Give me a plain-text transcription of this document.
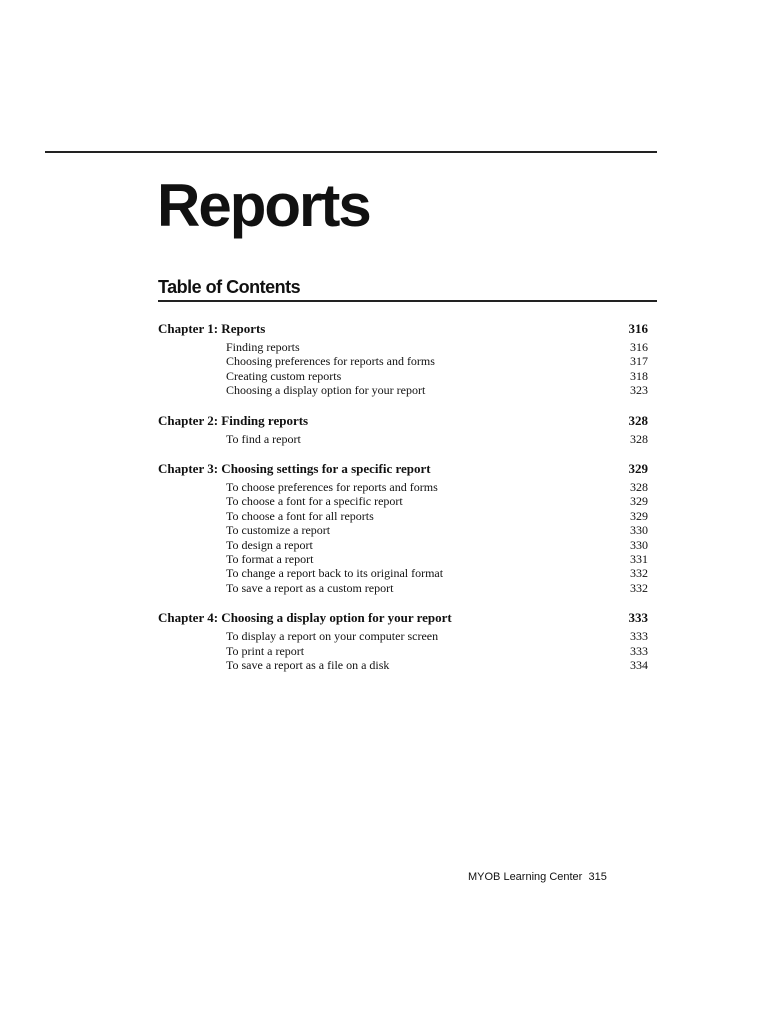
Reports
Table of Contents
Chapter 1: Reports	316
Finding reports	316
Choosing preferences for reports and forms	317
Creating custom reports	318
Choosing a display option for your report	323
Chapter 2: Finding reports	328
To find a report	328
Chapter 3: Choosing settings for a specific report	329
To choose preferences for reports and forms	328
To choose a font for a specific report	329
To choose a font for all reports	329
To customize a report	330
To design a report	330
To format a report	331
To change a report back to its original format	332
To save a report as a custom report	332
Chapter 4: Choosing a display option for your report	333
To display a report on your computer screen	333
To print a report	333
To save a report as a file on a disk	334
MYOB Learning Center 315
